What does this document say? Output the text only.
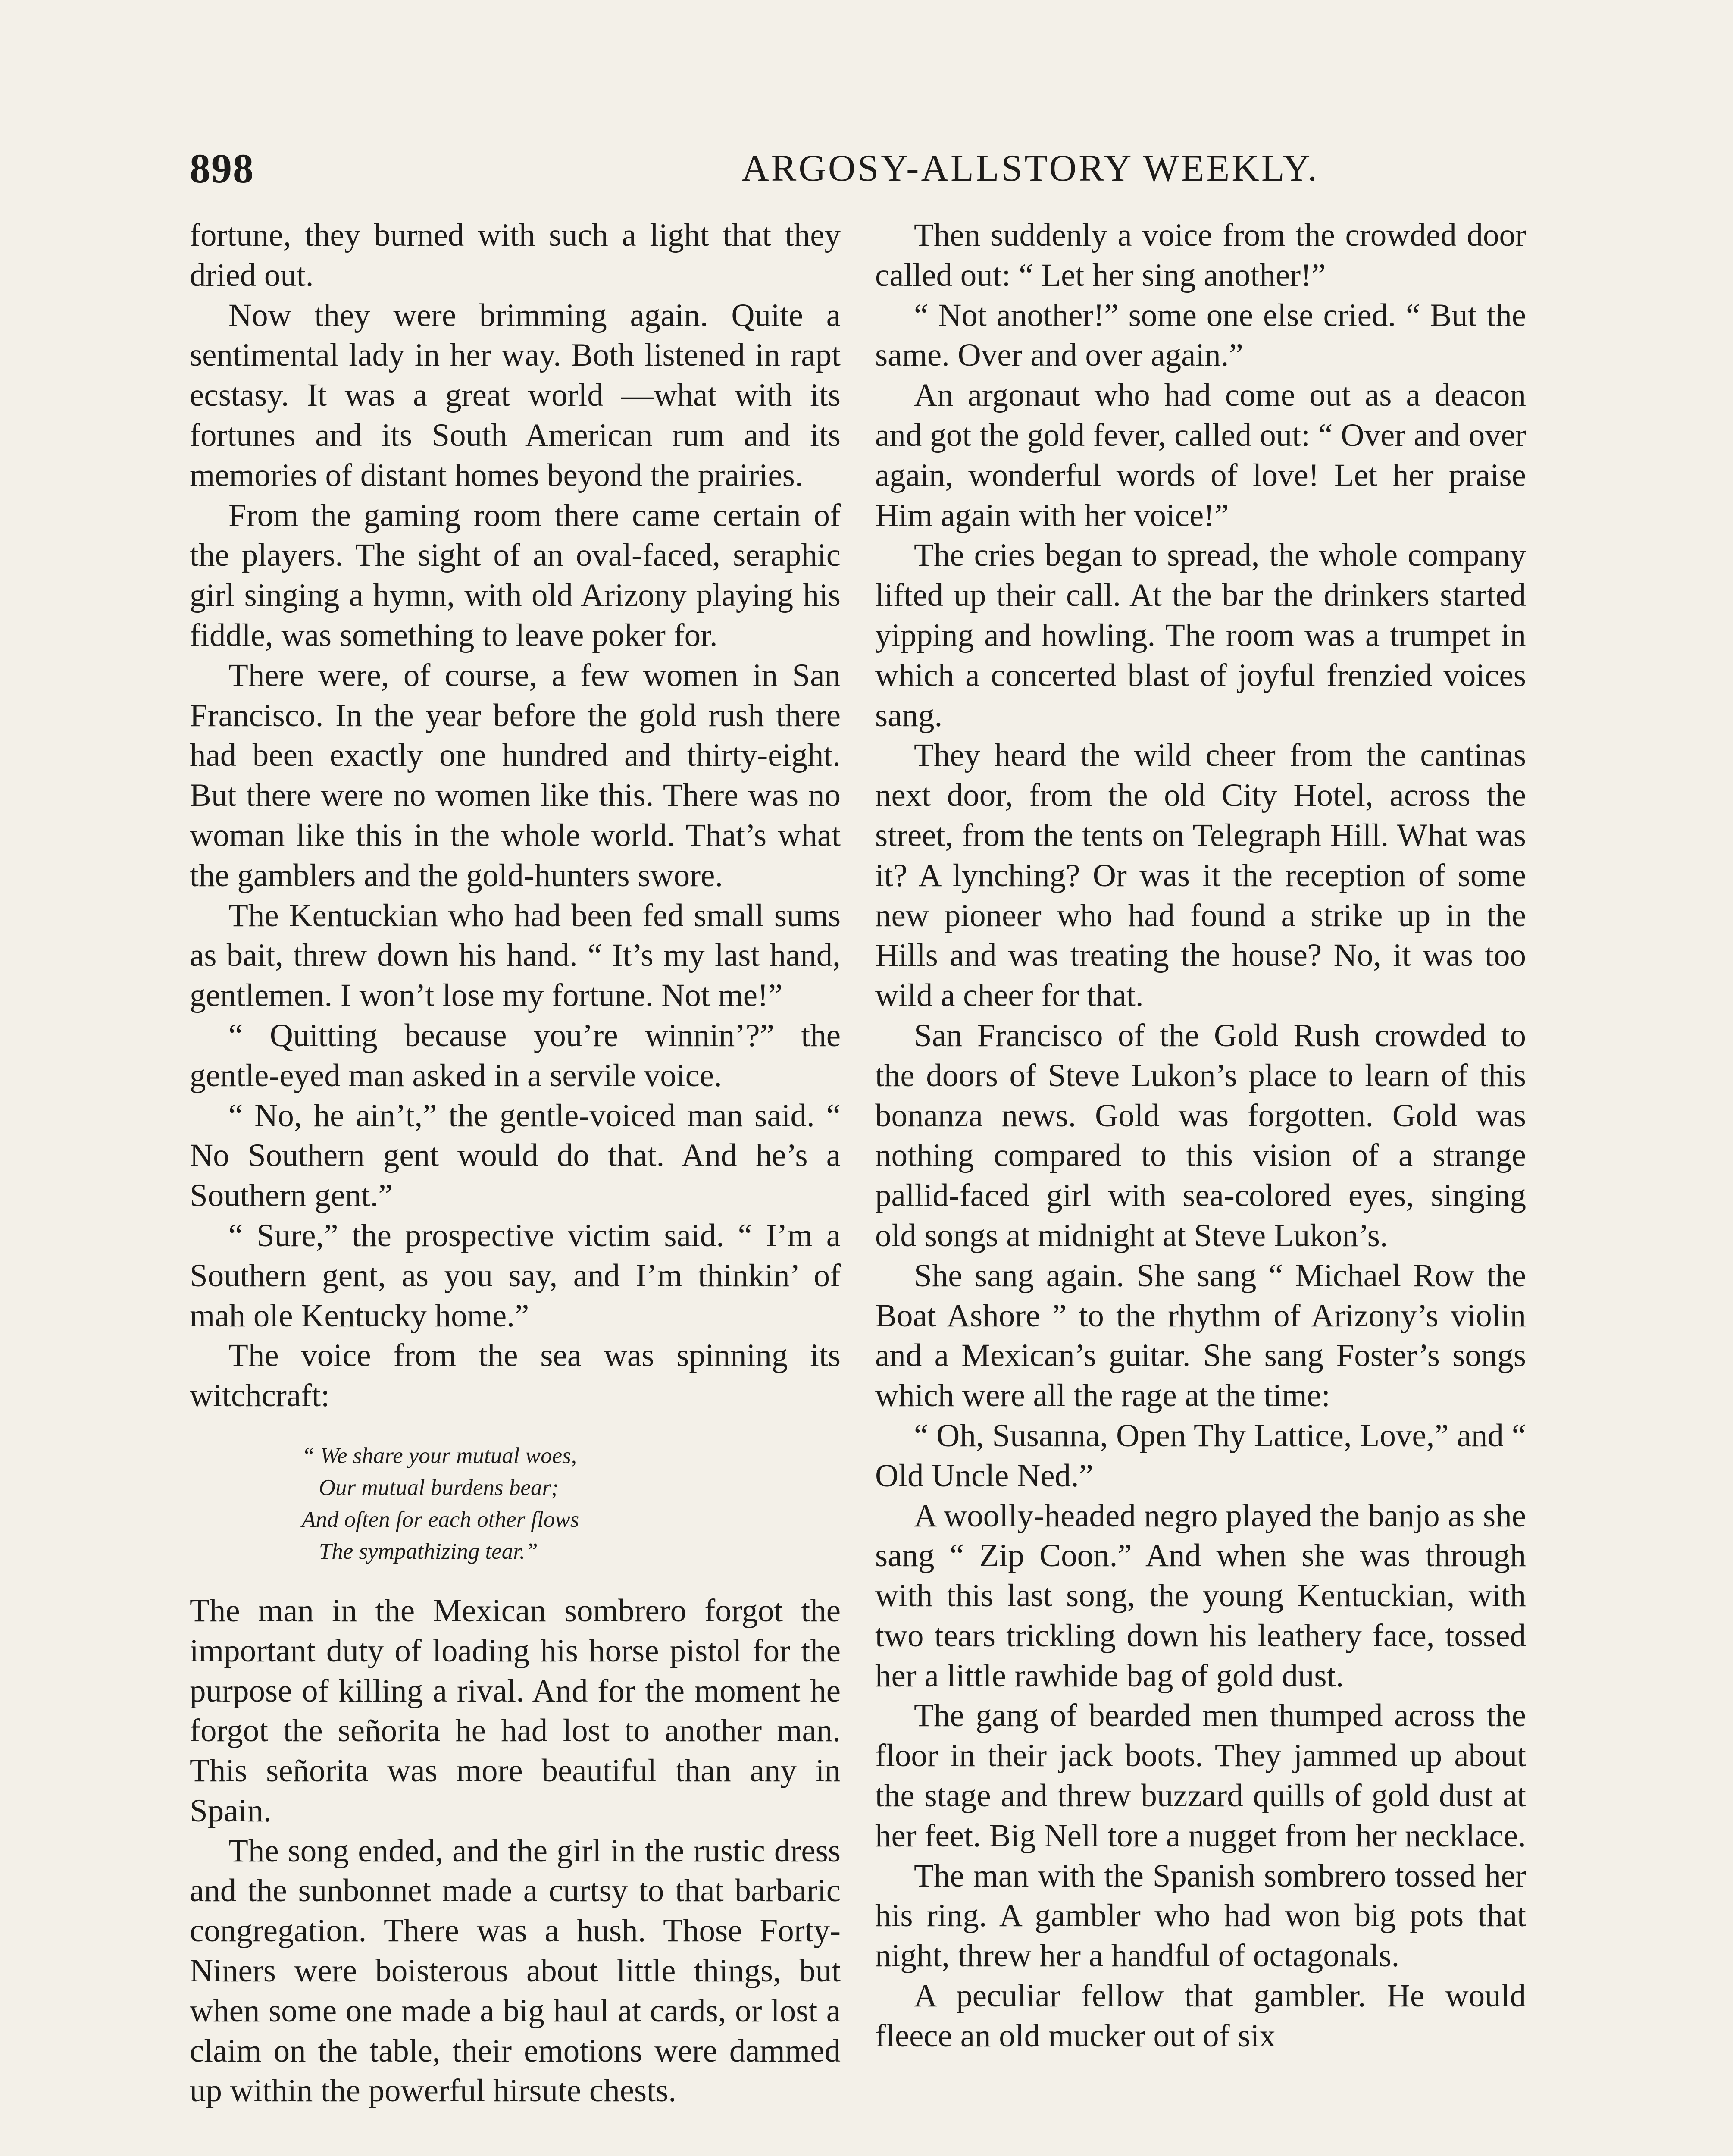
898	ARGOSY-ALLSTORY WEEKLY.

fortune, they burned with such a light that they dried out.

Now they were brimming again. Quite a sentimental lady in her way. Both listened in rapt ecstasy. It was a great world —what with its fortunes and its South American rum and its memories of distant homes beyond the prairies.

From the gaming room there came certain of the players. The sight of an oval-faced, seraphic girl singing a hymn, with old Arizony playing his fiddle, was something to leave poker for.

There were, of course, a few women in San Francisco. In the year before the gold rush there had been exactly one hundred and thirty-eight. But there were no women like this. There was no woman like this in the whole world. That’s what the gamblers and the gold-hunters swore.

The Kentuckian who had been fed small sums as bait, threw down his hand. “ It’s my last hand, gentlemen. I won’t lose my fortune. Not me!”

“ Quitting because you’re winnin’?” the gentle-eyed man asked in a servile voice.

“ No, he ain’t,” the gentle-voiced man said. “ No Southern gent would do that. And he’s a Southern gent.”

“ Sure,” the prospective victim said. “ I’m a Southern gent, as you say, and I’m thinkin’ of mah ole Kentucky home.”

The voice from the sea was spinning its witchcraft:

“ We share your mutual woes,
Our mutual burdens bear;
And often for each other flows
The sympathizing tear.”

The man in the Mexican sombrero forgot the important duty of loading his horse pistol for the purpose of killing a rival. And for the moment he forgot the señorita he had lost to another man. This señorita was more beautiful than any in Spain.

The song ended, and the girl in the rustic dress and the sunbonnet made a curtsy to that barbaric congregation. There was a hush. Those Forty-Niners were boisterous about little things, but when some one made a big haul at cards, or lost a claim on the table, their emotions were dammed up within the powerful hirsute chests.

Then suddenly a voice from the crowded door called out: “ Let her sing another!”

“ Not another!” some one else cried. “ But the same. Over and over again.”

An argonaut who had come out as a deacon and got the gold fever, called out: “ Over and over again, wonderful words of love! Let her praise Him again with her voice!”

The cries began to spread, the whole company lifted up their call. At the bar the drinkers started yipping and howling. The room was a trumpet in which a concerted blast of joyful frenzied voices sang.

They heard the wild cheer from the cantinas next door, from the old City Hotel, across the street, from the tents on Telegraph Hill. What was it? A lynching? Or was it the reception of some new pioneer who had found a strike up in the Hills and was treating the house? No, it was too wild a cheer for that.

San Francisco of the Gold Rush crowded to the doors of Steve Lukon’s place to learn of this bonanza news. Gold was forgotten. Gold was nothing compared to this vision of a strange pallid-faced girl with sea-colored eyes, singing old songs at midnight at Steve Lukon’s.

She sang again. She sang “ Michael Row the Boat Ashore ” to the rhythm of Arizony’s violin and a Mexican’s guitar. She sang Foster’s songs which were all the rage at the time:

“ Oh, Susanna, Open Thy Lattice, Love,” and “ Old Uncle Ned.”

A woolly-headed negro played the banjo as she sang “ Zip Coon.” And when she was through with this last song, the young Kentuckian, with two tears trickling down his leathery face, tossed her a little rawhide bag of gold dust.

The gang of bearded men thumped across the floor in their jack boots. They jammed up about the stage and threw buzzard quills of gold dust at her feet. Big Nell tore a nugget from her necklace.

The man with the Spanish sombrero tossed her his ring. A gambler who had won big pots that night, threw her a handful of octagonals.

A peculiar fellow that gambler. He would fleece an old mucker out of six
